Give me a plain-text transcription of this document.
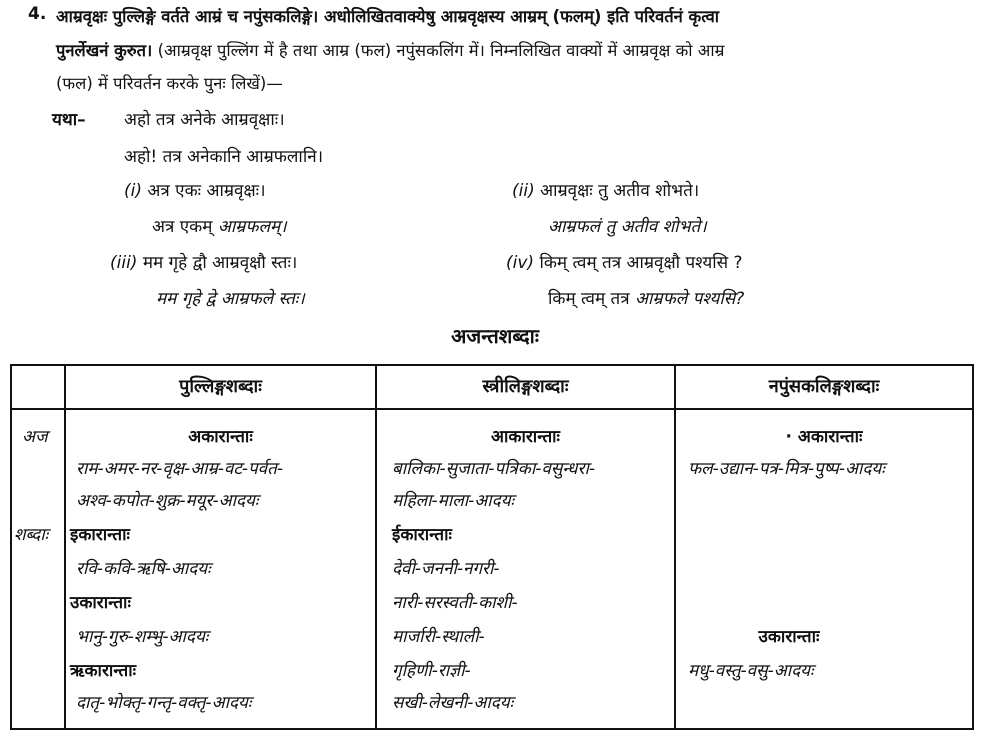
4. आम्रवृक्षः पुल्लिङ्गे वर्तते आम्रं च नपुंसकलिङ्गे। अधोलिखितवाक्येषु आम्रवृक्षस्य आम्रम् (फलम्) इति परिवर्तनं कृत्वा
पुनर्लेखनं कुरुत। (आम्रवृक्ष पुल्लिंग में है तथा आम्र (फल) नपुंसकलिंग में। निम्नलिखित वाक्यों में आम्रवृक्ष को आम्र
(फल) में परिवर्तन करके पुनः लिखें)—
यथा– अहो तत्र अनेके आम्रवृक्षाः।
अहो! तत्र अनेकानि आम्रफलानि।
(i) अत्र एकः आम्रवृक्षः।
अत्र एकम् आम्रफलम्।
(ii) आम्रवृक्षः तु अतीव शोभते।
आम्रफलं तु अतीव शोभते।
(iii) मम गृहे द्वौ आम्रवृक्षौ स्तः।
मम गृहे द्वे आम्रफले स्तः।
(iv) किम् त्वम् तत्र आम्रवृक्षौ पश्यसि ?
किम् त्वम् तत्र आम्रफले पश्यसि?
अजन्तशब्दाः
पुल्लिङ्गशब्दाः	स्त्रीलिङ्गशब्दाः	नपुंसकलिङ्गशब्दाः
अज
शब्दाः
अकारान्ताः
राम-अमर-नर-वृक्ष-आम्र-वट-पर्वत-
अश्व-कपोत-शुक्र-मयूर-आदयः
इकारान्ताः
रवि-कवि-ऋषि-आदयः
उकारान्ताः
भानु-गुरु-शम्भु-आदयः
ऋकारान्ताः
दातृ-भोक्तृ-गन्तृ-वक्तृ-आदयः
आकारान्ताः
बालिका-सुजाता-पत्रिका-वसुन्धरा-
महिला-माला-आदयः
ईकारान्ताः
देवी-जननी-नगरी-
नारी-सरस्वती-काशी-
मार्जारी-स्थाली-
गृहिणी-राज्ञी-
सखी-लेखनी-आदयः
· अकारान्ताः
फल-उद्यान-पत्र-मित्र-पुष्प-आदयः
उकारान्ताः
मधु-वस्तु-वसु-आदयः
